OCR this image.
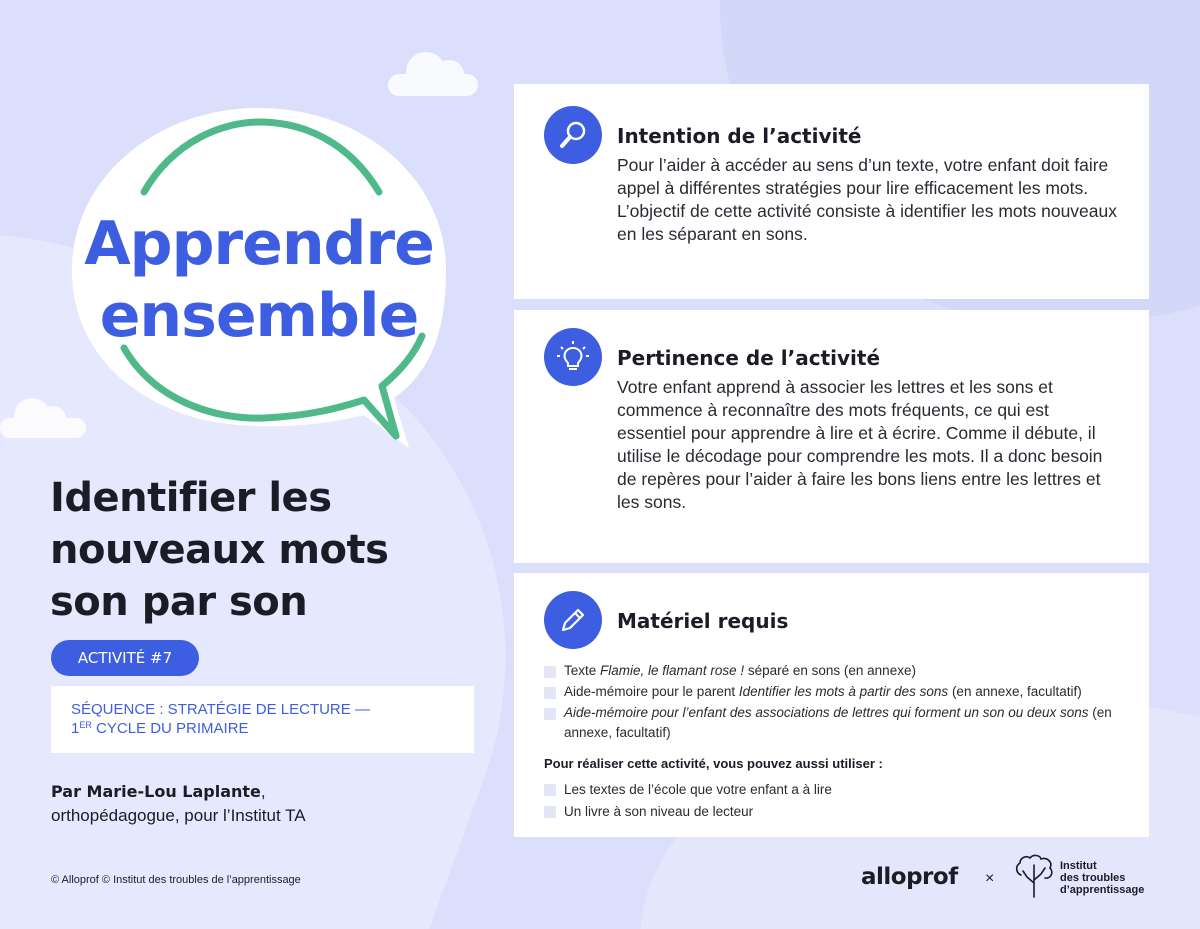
Apprendre
ensemble
Identifier les nouveaux mots son par son
ACTIVITÉ #7
SÉQUENCE : STRATÉGIE DE LECTURE —
1ER CYCLE DU PRIMAIRE
Par Marie-Lou Laplante,
orthopédagogue, pour l’Institut TA
© Alloprof © Institut des troubles de l’apprentissage
Intention de l’activité

Pour l’aider à accéder au sens d’un texte, votre enfant doit faire appel à différentes stratégies pour lire efficacement les mots. L’objectif de cette activité consiste à identifier les mots nouveaux en les séparant en sons.

Pertinence de l’activité

Votre enfant apprend à associer les lettres et les sons et commence à reconnaître des mots fréquents, ce qui est essentiel pour apprendre à lire et à écrire. Comme il débute, il utilise le décodage pour comprendre les mots. Il a donc besoin de repères pour l’aider à faire les bons liens entre les lettres et les sons.

Matériel requis
Texte Flamie, le flamant rose ! séparé en sons (en annexe)
Aide-mémoire pour le parent Identifier les mots à partir des sons (en annexe, facultatif)
Aide-mémoire pour l’enfant des associations de lettres qui forment un son ou deux sons (en annexe, facultatif)
Pour réaliser cette activité, vous pouvez aussi utiliser :
Les textes de l’école que votre enfant a à lire
Un livre à son niveau de lecteur
alloprof ×
Institut
des troubles
d’apprentissage
